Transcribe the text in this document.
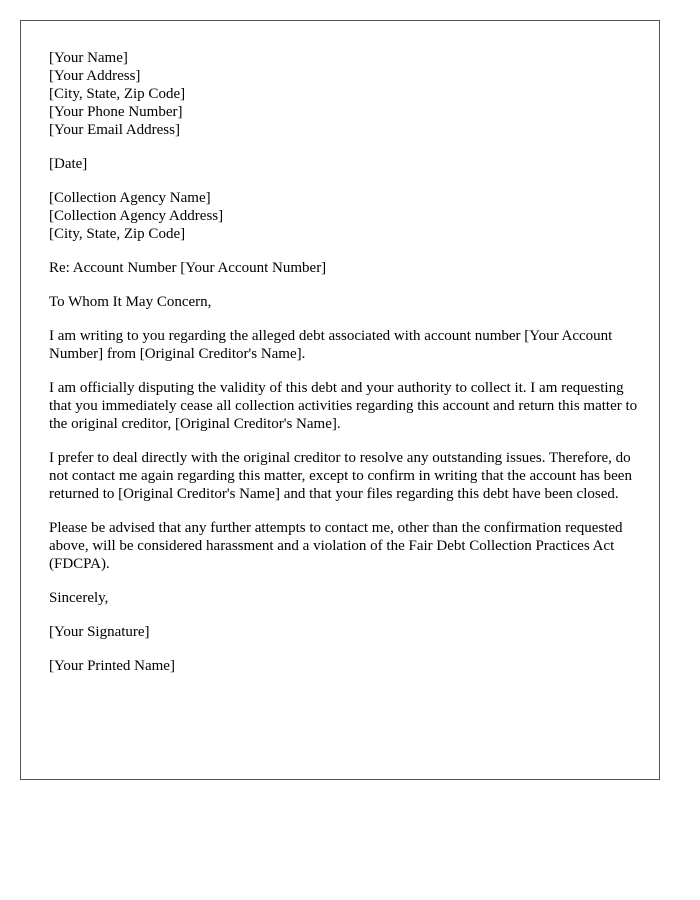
[Your Name]
[Your Address]
[City, State, Zip Code]
[Your Phone Number]
[Your Email Address]
[Date]
[Collection Agency Name]
[Collection Agency Address]
[City, State, Zip Code]
Re: Account Number [Your Account Number]
To Whom It May Concern,

I am writing to you regarding the alleged debt associated with account number [Your Account Number] from [Original Creditor's Name].

I am officially disputing the validity of this debt and your authority to collect it. I am requesting that you immediately cease all collection activities regarding this account and return this matter to the original creditor, [Original Creditor's Name].

I prefer to deal directly with the original creditor to resolve any outstanding issues. Therefore, do not contact me again regarding this matter, except to confirm in writing that the account has been returned to [Original Creditor's Name] and that your files regarding this debt have been closed.

Please be advised that any further attempts to contact me, other than the confirmation requested above, will be considered harassment and a violation of the Fair Debt Collection Practices Act (FDCPA).

Sincerely,
[Your Signature]
[Your Printed Name]
